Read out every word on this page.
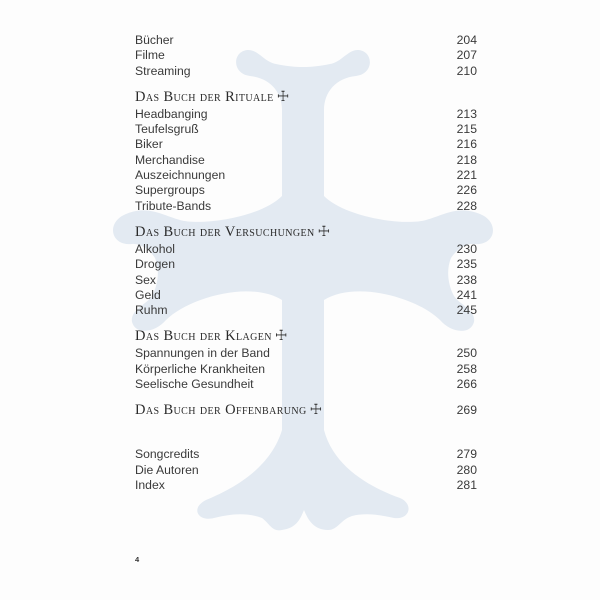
Bücher	204
Filme	207
Streaming	210
Das Buch der Rituale ☩
Headbanging	213
Teufelsgruß	215
Biker	216
Merchandise	218
Auszeichnungen	221
Supergroups	226
Tribute-Bands	228
Das Buch der Versuchungen ☩
Alkohol	230
Drogen	235
Sex	238
Geld	241
Ruhm	245
Das Buch der Klagen ☩
Spannungen in der Band	250
Körperliche Krankheiten	258
Seelische Gesundheit	266
Das Buch der Offenbarung ☩	269
Songcredits	279
Die Autoren	280
Index	281
4
